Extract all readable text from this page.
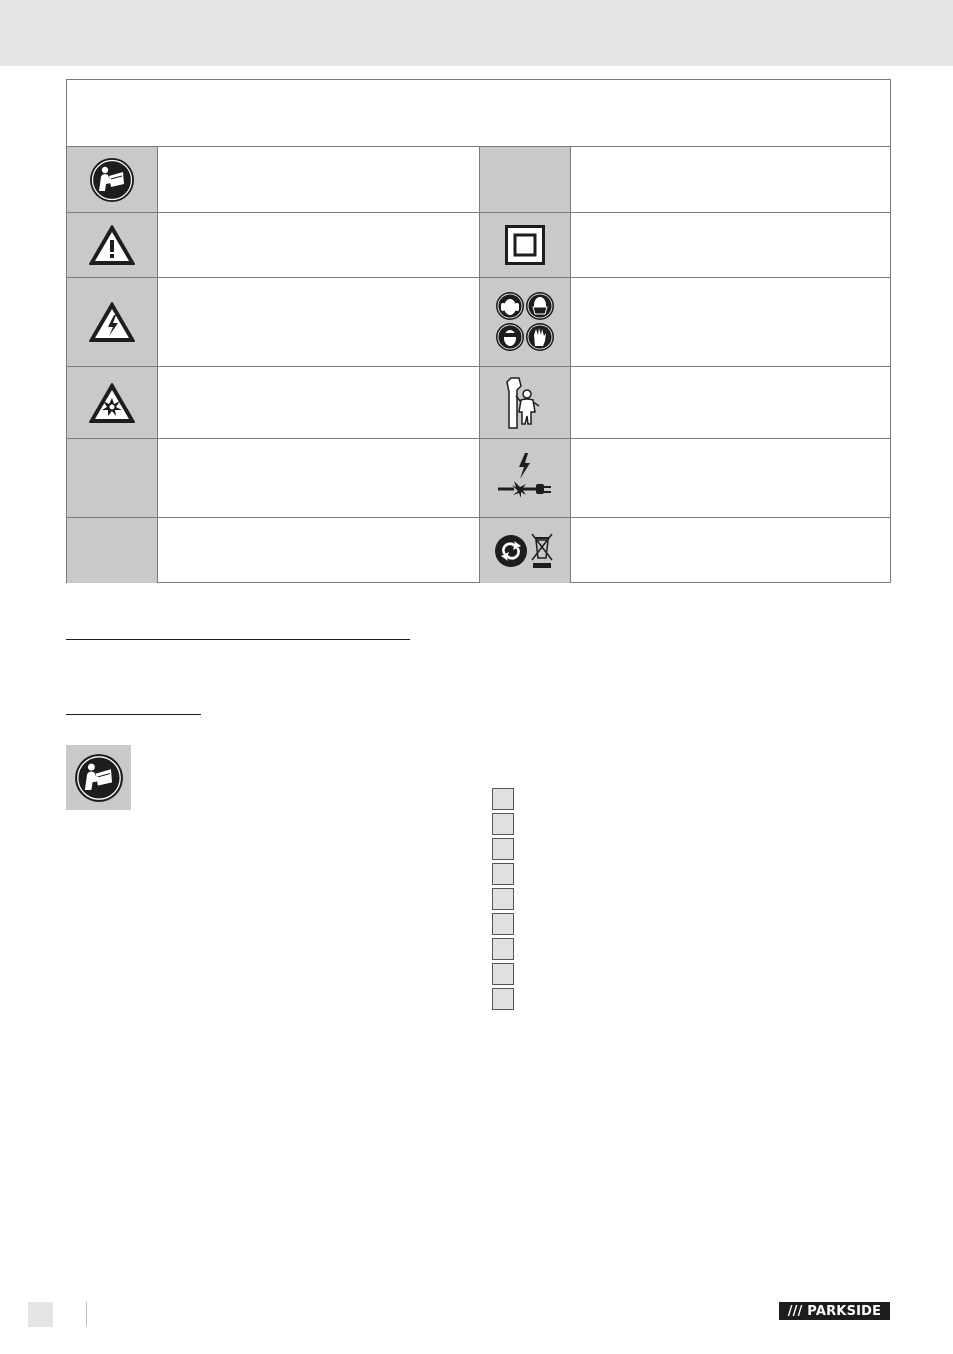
/// PARKSIDE
